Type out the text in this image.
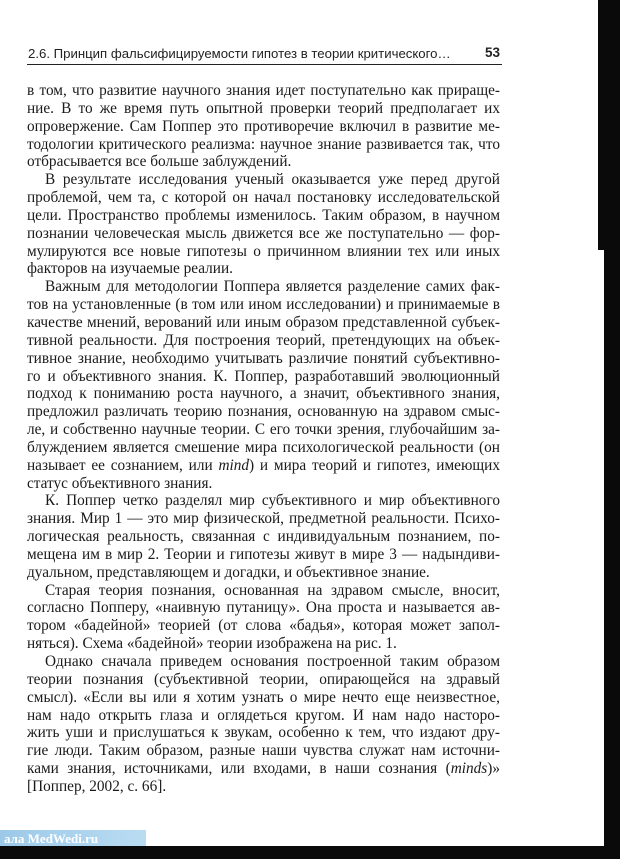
2.6. Принцип фальсифицируемости гипотез в теории критического…	53
в том, что развитие научного знания идет поступательно как прираще-
ние. В то же время путь опытной проверки теорий предполагает их
опровержение. Сам Поппер это противоречие включил в развитие ме-
тодологии критического реализма: научное знание развивается так, что
отбрасывается все больше заблуждений.
В результате исследования ученый оказывается уже перед другой
проблемой, чем та, с которой он начал постановку исследовательской
цели. Пространство проблемы изменилось. Таким образом, в научном
познании человеческая мысль движется все же поступательно — фор-
мулируются все новые гипотезы о причинном влиянии тех или иных
факторов на изучаемые реалии.
Важным для методологии Поппера является разделение самих фак-
тов на установленные (в том или ином исследовании) и принимаемые в
качестве мнений, верований или иным образом представленной субъек-
тивной реальности. Для построения теорий, претендующих на объек-
тивное знание, необходимо учитывать различие понятий субъективно-
го и объективного знания. К. Поппер, разработавший эволюционный
подход к пониманию роста научного, а значит, объективного знания,
предложил различать теорию познания, основанную на здравом смыс-
ле, и собственно научные теории. С его точки зрения, глубочайшим за-
блуждением является смешение мира психологической реальности (он
называет ее сознанием, или mind) и мира теорий и гипотез, имеющих
статус объективного знания.
К. Поппер четко разделял мир субъективного и мир объективного
знания. Мир 1 — это мир физической, предметной реальности. Психо-
логическая реальность, связанная с индивидуальным познанием, по-
мещена им в мир 2. Теории и гипотезы живут в мире 3 — надындиви-
дуальном, представляющем и догадки, и объективное знание.
Старая теория познания, основанная на здравом смысле, вносит,
согласно Попперу, «наивную путаницу». Она проста и называется ав-
тором «бадейной» теорией (от слова «бадья», которая может запол-
няться). Схема «бадейной» теории изображена на рис. 1.
Однако сначала приведем основания построенной таким образом
теории познания (субъективной теории, опирающейся на здравый
смысл). «Если вы или я хотим узнать о мире нечто еще неизвестное,
нам надо открыть глаза и оглядеться кругом. И нам надо насторо-
жить уши и прислушаться к звукам, особенно к тем, что издают дру-
гие люди. Таким образом, разные наши чувства служат нам источни-
ками знания, источниками, или входами, в наши сознания (minds)»
[Поппер, 2002, с. 66].
ала MedWedi.ru
